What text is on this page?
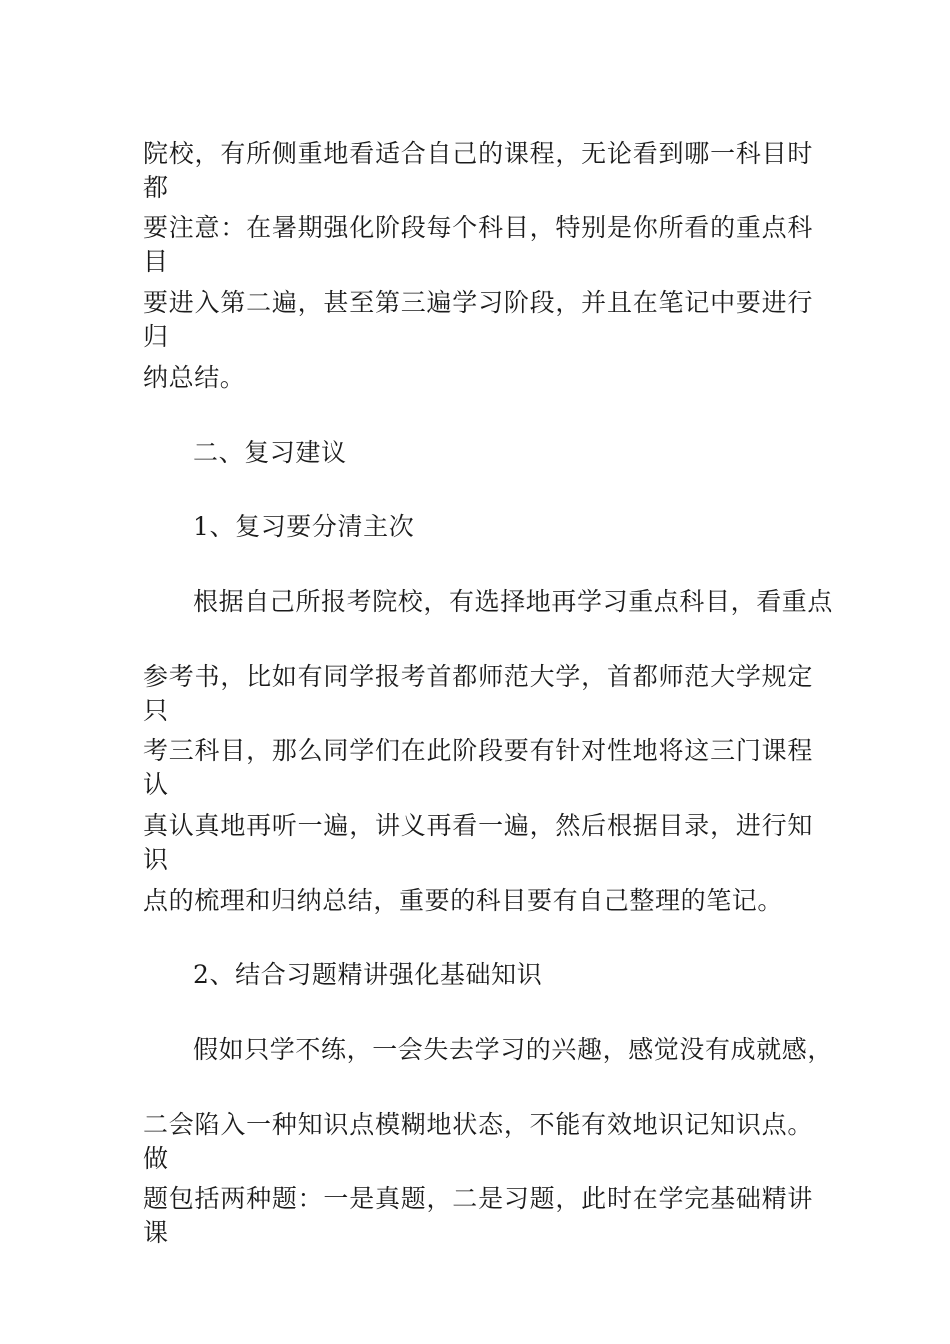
院校，有所侧重地看适合自己的课程，无论看到哪一科目时都

要注意：在暑期强化阶段每个科目，特别是你所看的重点科目

要进入第二遍，甚至第三遍学习阶段，并且在笔记中要进行归

纳总结。

二、复习建议

1、复习要分清主次

根据自己所报考院校，有选择地再学习重点科目，看重点

参考书，比如有同学报考首都师范大学，首都师范大学规定只

考三科目，那么同学们在此阶段要有针对性地将这三门课程认

真认真地再听一遍，讲义再看一遍，然后根据目录，进行知识

点的梳理和归纳总结，重要的科目要有自己整理的笔记。

2、结合习题精讲强化基础知识

假如只学不练，一会失去学习的兴趣，感觉没有成就感，

二会陷入一种知识点模糊地状态，不能有效地识记知识点。做

题包括两种题：一是真题，二是习题，此时在学完基础精讲课
